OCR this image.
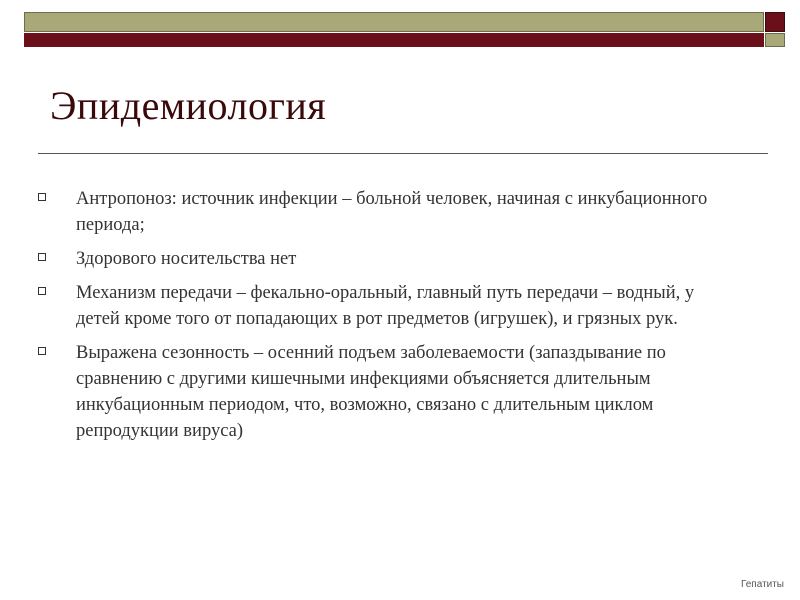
Эпидемиология
Антропоноз: источник инфекции – больной человек, начиная с инкубационного периода;
Здорового носительства нет
Механизм передачи – фекально-оральный, главный путь передачи – водный, у детей кроме того от попадающих в рот предметов (игрушек), и грязных рук.
Выражена сезонность – осенний подъем заболеваемости (запаздывание по сравнению с другими кишечными инфекциями объясняется длительным инкубационным периодом, что, возможно, связано с длительным циклом репродукции вируса)
Гепатиты
